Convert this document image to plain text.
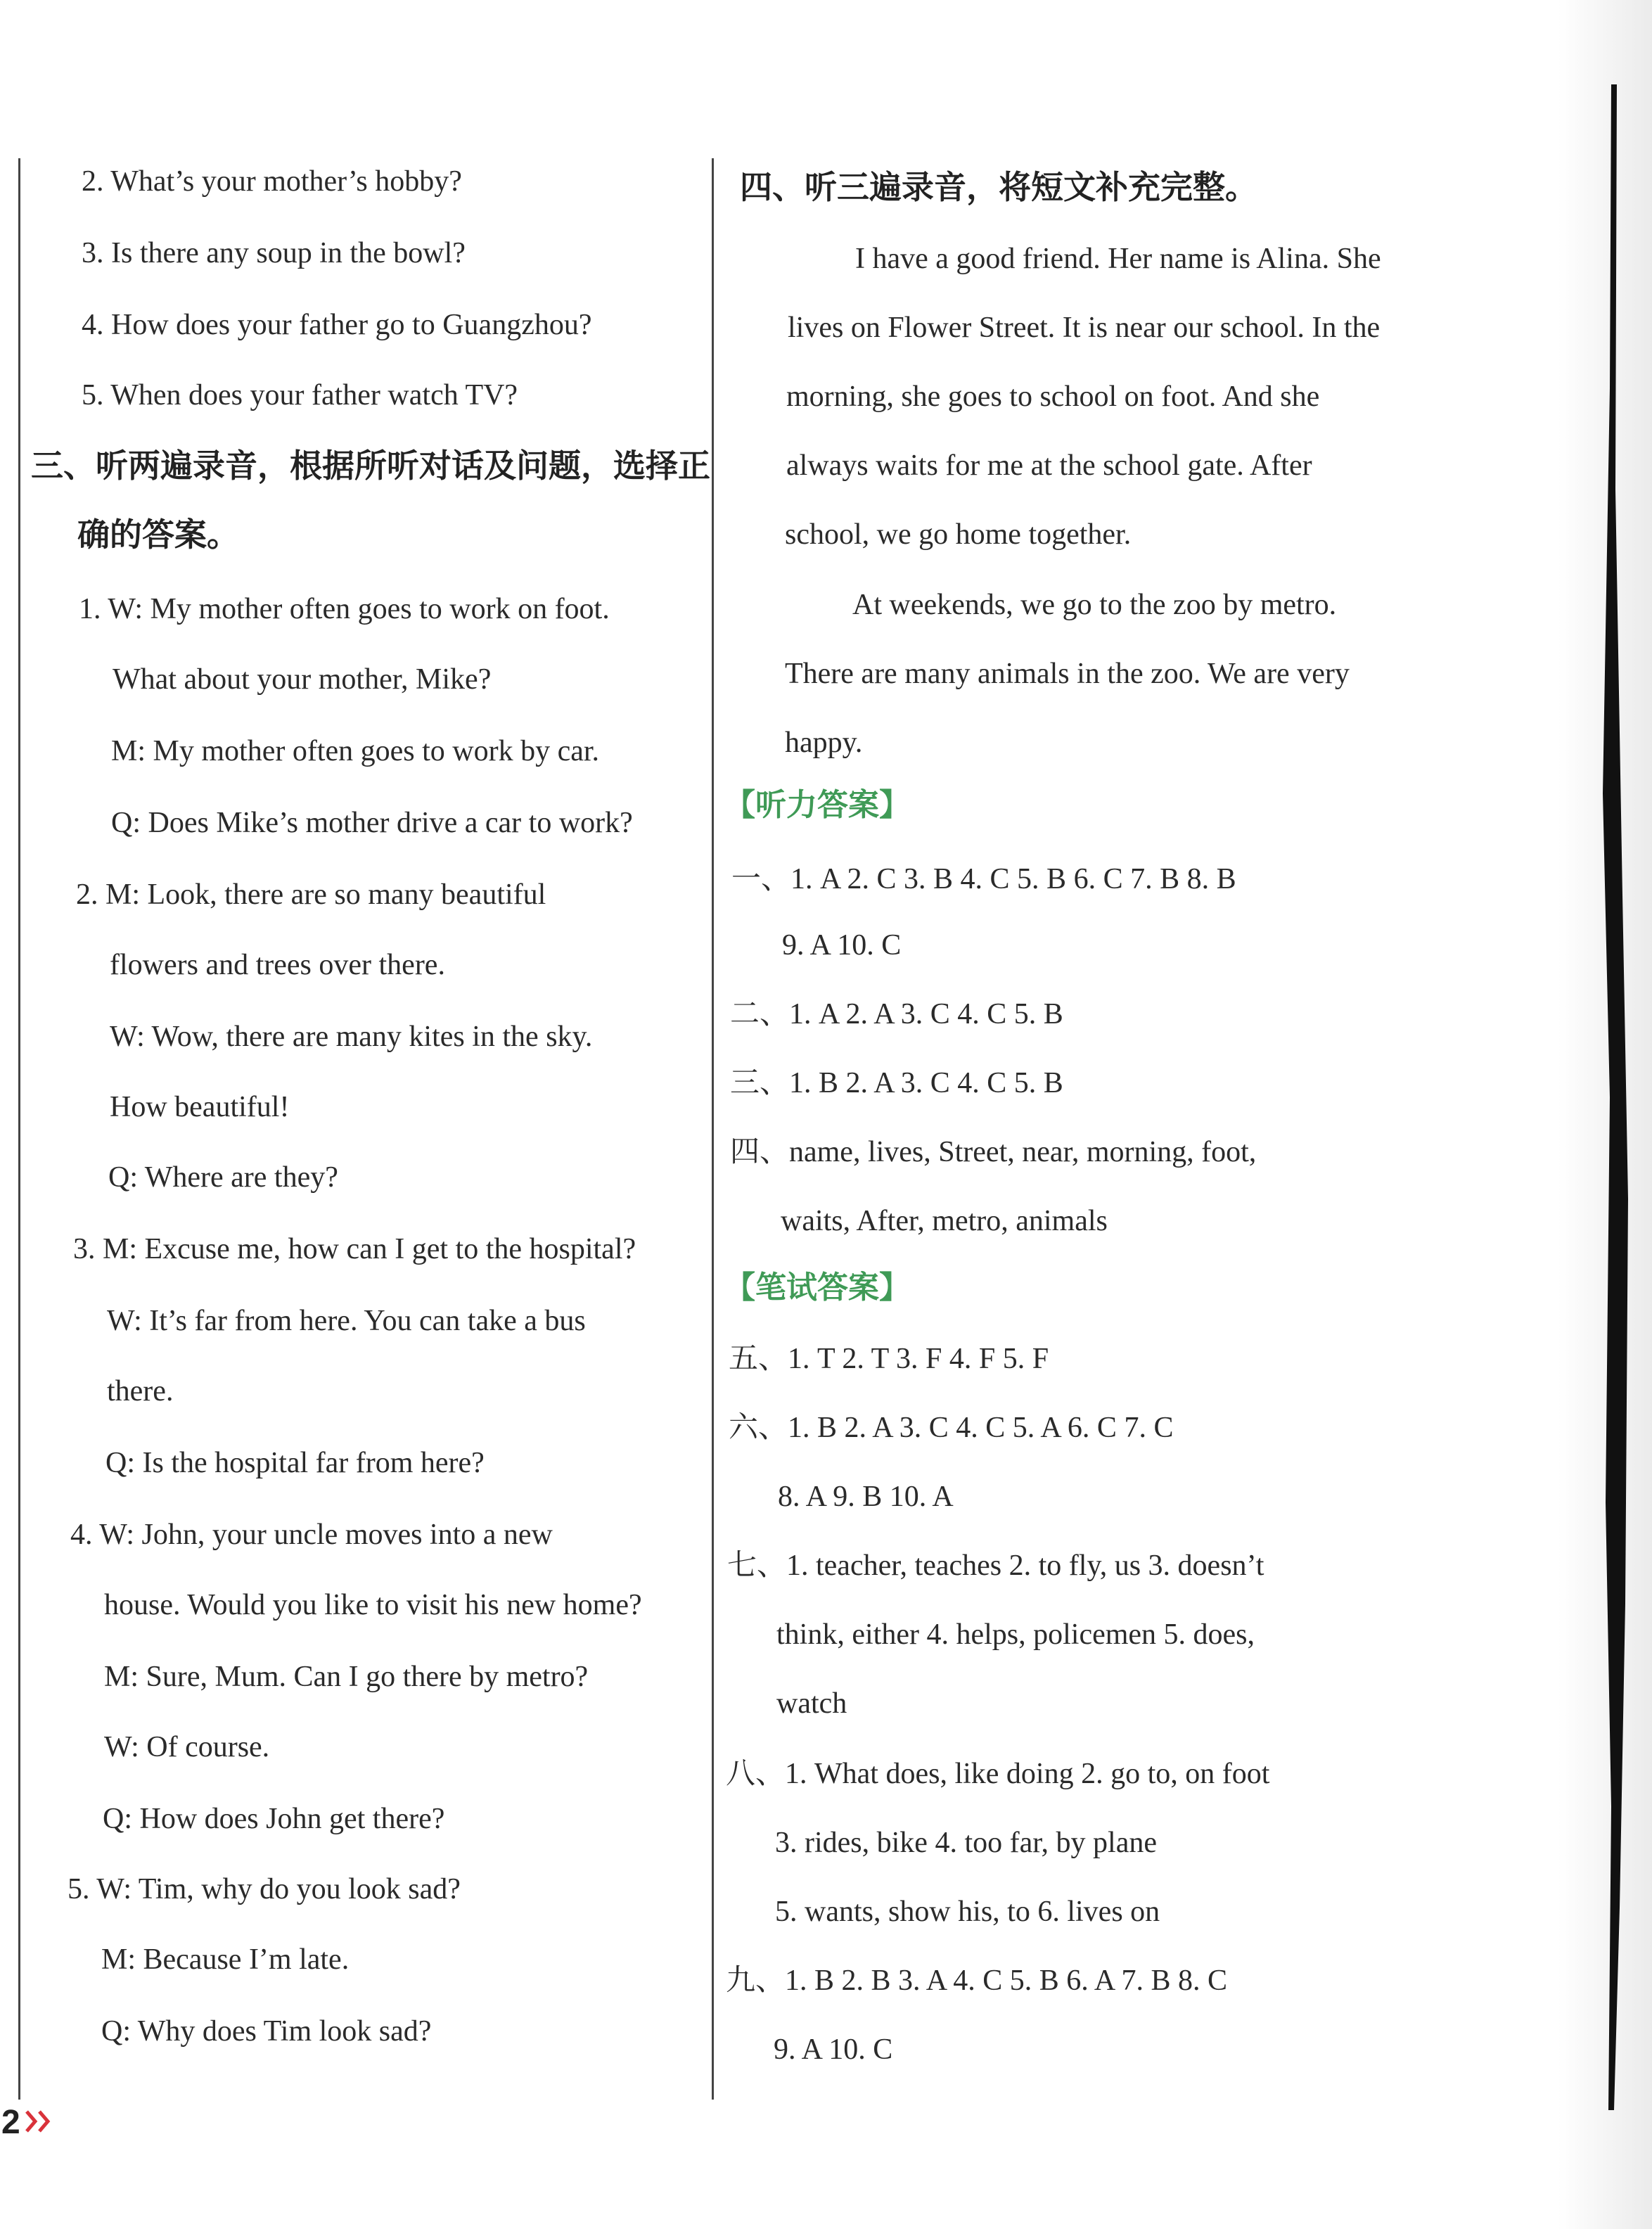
2. What’s your mother’s hobby?
3. Is there any soup in the bowl?
4. How does your father go to Guangzhou?
5. When does your father watch TV?
三、听两遍录音，根据所听对话及问题，选择正
确的答案。
1. W: My mother often goes to work on foot.
What about your mother, Mike?
M: My mother often goes to work by car.
Q: Does Mike’s mother drive a car to work?
2. M: Look, there are so many beautiful
flowers and trees over there.
W: Wow, there are many kites in the sky.
How beautiful!
Q: Where are they?
3. M: Excuse me, how can I get to the hospital?
W: It’s far from here. You can take a bus
there.
Q: Is the hospital far from here?
4. W: John, your uncle moves into a new
house. Would you like to visit his new home?
M: Sure, Mum. Can I go there by metro?
W: Of course.
Q: How does John get there?
5. W: Tim, why do you look sad?
M: Because I’m late.
Q: Why does Tim look sad?
四、听三遍录音，将短文补充完整。
I have a good friend. Her name is Alina. She
lives on Flower Street. It is near our school. In the
morning, she goes to school on foot. And she
always waits for me at the school gate. After
school, we go home together.
At weekends, we go to the zoo by metro.
There are many animals in the zoo. We are very
happy.
【听力答案】
一、1. A 2. C 3. B 4. C 5. B 6. C 7. B 8. B
9. A 10. C
二、1. A 2. A 3. C 4. C 5. B
三、1. B 2. A 3. C 4. C 5. B
四、name, lives, Street, near, morning, foot,
waits, After, metro, animals
【笔试答案】
五、1. T 2. T 3. F 4. F 5. F
六、1. B 2. A 3. C 4. C 5. A 6. C 7. C
8. A 9. B 10. A
七、1. teacher, teaches 2. to fly, us 3. doesn’t
think, either 4. helps, policemen 5. does,
watch
八、1. What does, like doing 2. go to, on foot
3. rides, bike 4. too far, by plane
5. wants, show his, to 6. lives on
九、1. B 2. B 3. A 4. C 5. B 6. A 7. B 8. C
9. A 10. C
2
